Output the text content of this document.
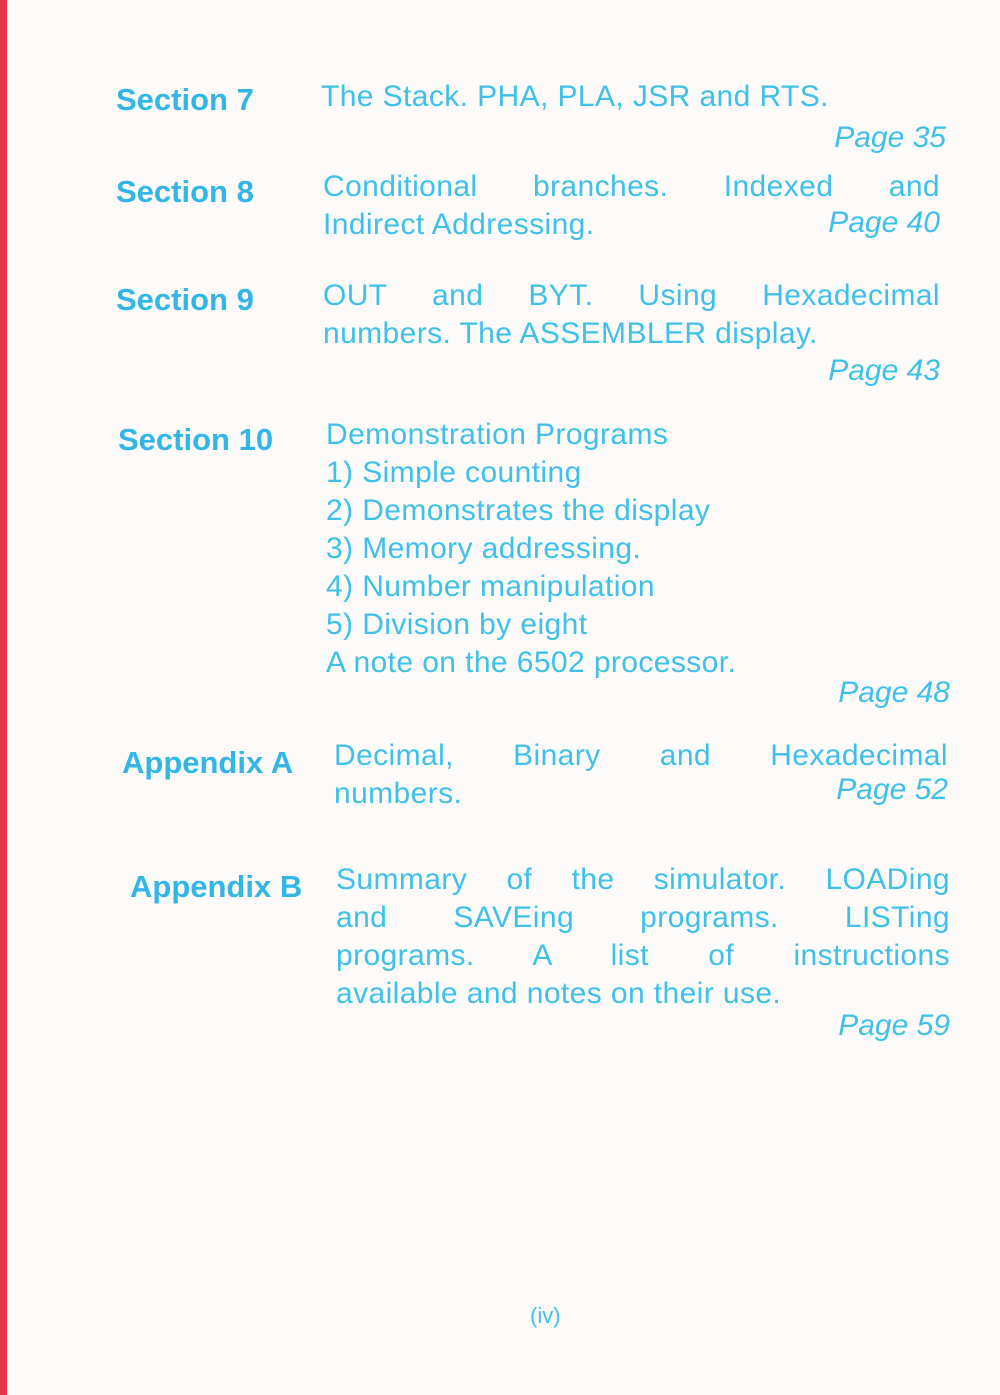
Section 7 The Stack. PHA, PLA, JSR and RTS.
Page 35
Section 8 Conditional branches. Indexed and
Indirect Addressing.	Page 40
Section 9 OUT and BYT. Using Hexadecimal
numbers. The ASSEMBLER display.
Page 43
Section 10 Demonstration Programs
1) Simple counting
2) Demonstrates the display
3) Memory addressing.
4) Number manipulation
5) Division by eight
A note on the 6502 processor.
Page 48
Appendix A Decimal, Binary and Hexadecimal
numbers.	Page 52
Appendix B Summary of the simulator. LOADing
and SAVEing programs. LISTing
programs. A list of instructions
available and notes on their use.
Page 59
(iv)
